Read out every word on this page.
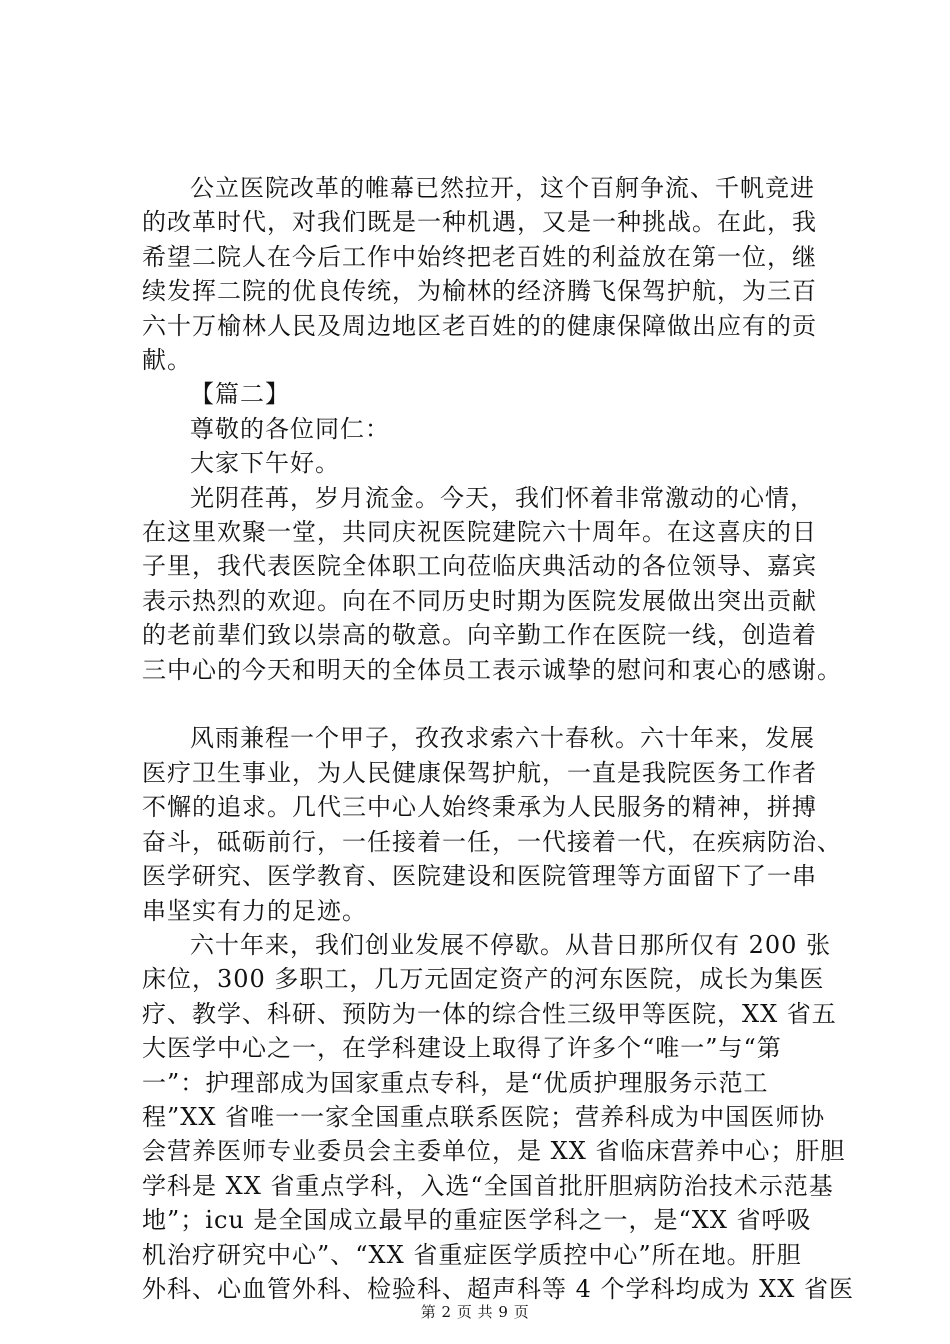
公立医院改革的帷幕已然拉开，这个百舸争流、千帆竞进
的改革时代，对我们既是一种机遇，又是一种挑战。在此，我
希望二院人在今后工作中始终把老百姓的利益放在第一位，继
续发挥二院的优良传统，为榆林的经济腾飞保驾护航，为三百
六十万榆林人民及周边地区老百姓的的健康保障做出应有的贡
献。
【篇二】
尊敬的各位同仁：
大家下午好。
光阴荏苒，岁月流金。今天，我们怀着非常激动的心情，
在这里欢聚一堂，共同庆祝医院建院六十周年。在这喜庆的日
子里，我代表医院全体职工向莅临庆典活动的各位领导、嘉宾
表示热烈的欢迎。向在不同历史时期为医院发展做出突出贡献
的老前辈们致以崇高的敬意。向辛勤工作在医院一线，创造着
三中心的今天和明天的全体员工表示诚挚的慰问和衷心的感谢。
风雨兼程一个甲子，孜孜求索六十春秋。六十年来，发展
医疗卫生事业，为人民健康保驾护航，一直是我院医务工作者
不懈的追求。几代三中心人始终秉承为人民服务的精神，拼搏
奋斗，砥砺前行，一任接着一任，一代接着一代，在疾病防治、
医学研究、医学教育、医院建设和医院管理等方面留下了一串
串坚实有力的足迹。
六十年来，我们创业发展不停歇。从昔日那所仅有 200 张
床位，300 多职工，几万元固定资产的河东医院，成长为集医
疗、教学、科研、预防为一体的综合性三级甲等医院，XX 省五
大医学中心之一，在学科建设上取得了许多个“唯一”与“第
一”：护理部成为国家重点专科，是“优质护理服务示范工
程”XX 省唯一一家全国重点联系医院；营养科成为中国医师协
会营养医师专业委员会主委单位，是 XX 省临床营养中心；肝胆
学科是 XX 省重点学科，入选“全国首批肝胆病防治技术示范基
地”；icu 是全国成立最早的重症医学科之一，是“XX 省呼吸
机治疗研究中心”、“XX 省重症医学质控中心”所在地。肝胆
外科、心血管外科、检验科、超声科等 4 个学科均成为 XX 省医
第 2 页 共 9 页
